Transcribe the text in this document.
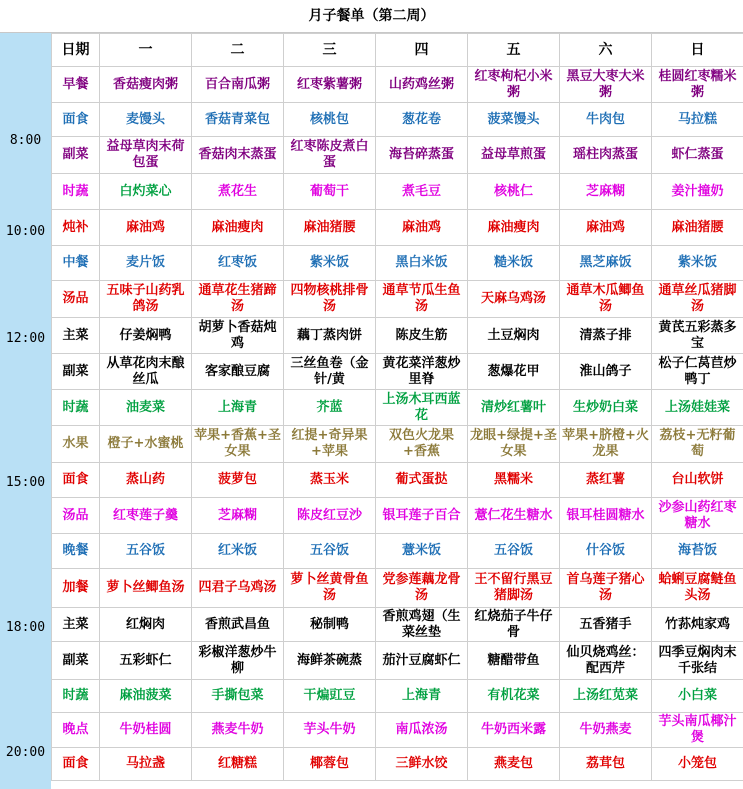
月子餐单（第二周）
8:00
10:00
12:00
15:00
18:00
20:00
日期	一	二	三	四	五	六	日
早餐	香菇瘦肉粥	百合南瓜粥	红枣紫薯粥	山药鸡丝粥	红枣枸杞小米粥	黑豆大枣大米粥	桂圆红枣糯米粥
面食	麦馒头	香菇青菜包	核桃包	葱花卷	菠菜馒头	牛肉包	马拉糕
副菜	益母草肉末荷包蛋	香菇肉末蒸蛋	红枣陈皮煮白蛋	海苔碎蒸蛋	益母草煎蛋	瑶柱肉蒸蛋	虾仁蒸蛋
时蔬	白灼菜心	煮花生	葡萄干	煮毛豆	核桃仁	芝麻糊	姜汁撞奶
炖补	麻油鸡	麻油瘦肉	麻油猪腰	麻油鸡	麻油瘦肉	麻油鸡	麻油猪腰
中餐	麦片饭	红枣饭	紫米饭	黑白米饭	糙米饭	黑芝麻饭	紫米饭
汤品	五味子山药乳鸽汤	通草花生猪蹄汤	四物核桃排骨汤	通草节瓜生鱼汤	天麻乌鸡汤	通草木瓜鲫鱼汤	通草丝瓜猪脚汤
主菜	仔姜焖鸭	胡萝卜香菇炖鸡	藕丁蒸肉饼	陈皮生筋	土豆焖肉	清蒸子排	黄芪五彩蒸多宝
副菜	从草花肉末酿丝瓜	客家酿豆腐	三丝鱼卷（金针/黄	黄花菜洋葱炒里脊	葱爆花甲	淮山鸽子	松子仁莴苣炒鸭丁
时蔬	油麦菜	上海青	芥蓝	上汤木耳西蓝花	清炒红薯叶	生炒奶白菜	上汤娃娃菜
水果	橙子+水蜜桃	苹果+香蕉+圣女果	红提+奇异果+苹果	双色火龙果+香蕉	龙眼+绿提+圣女果	苹果+脐橙+火龙果	荔枝+无籽葡萄
面食	蒸山药	菠萝包	蒸玉米	葡式蛋挞	黑糯米	蒸红薯	台山软饼
汤品	红枣莲子羹	芝麻糊	陈皮红豆沙	银耳莲子百合	薏仁花生糖水	银耳桂圆糖水	沙参山药红枣糖水
晚餐	五谷饭	红米饭	五谷饭	薏米饭	五谷饭	什谷饭	海苔饭
加餐	萝卜丝鲫鱼汤	四君子乌鸡汤	萝卜丝黄骨鱼汤	党参莲藕龙骨汤	王不留行黑豆猪脚汤	首乌莲子猪心汤	蛤蜊豆腐鲢鱼头汤
主菜	红焖肉	香煎武昌鱼	秘制鸭	香煎鸡翅（生菜丝垫	红烧茄子牛仔骨	五香猪手	竹荪炖家鸡
副菜	五彩虾仁	彩椒洋葱炒牛柳	海鲜茶碗蒸	茄汁豆腐虾仁	糖醋带鱼	仙贝烧鸡丝：配西芹	四季豆焖肉末千张结
时蔬	麻油菠菜	手撕包菜	干煸豇豆	上海青	有机花菜	上汤红苋菜	小白菜
晚点	牛奶桂圆	燕麦牛奶	芋头牛奶	南瓜浓汤	牛奶西米露	牛奶燕麦	芋头南瓜椰汁煲
面食	马拉盏	红糖糕	椰蓉包	三鲜水饺	燕麦包	荔茸包	小笼包
